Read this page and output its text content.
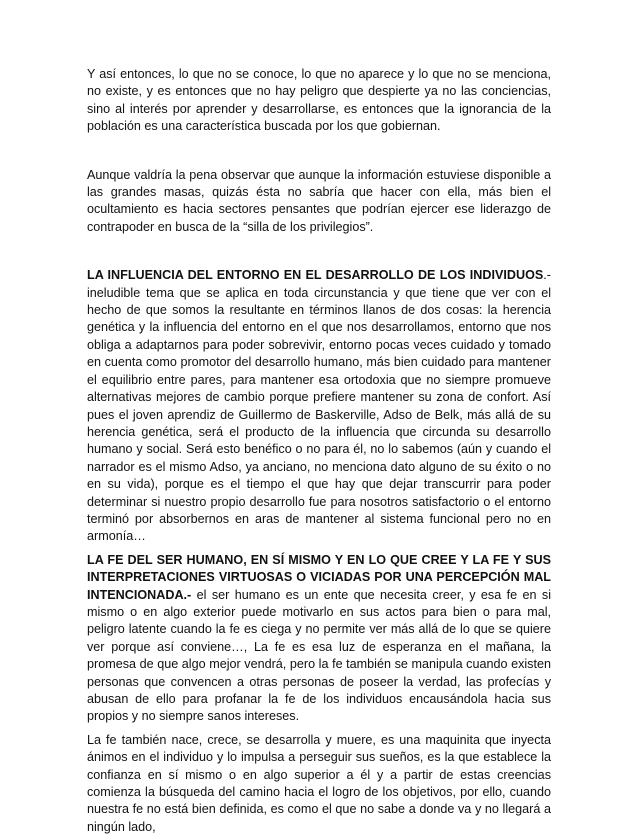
Y así entonces, lo que no se conoce, lo que no aparece y lo que no se menciona, no existe, y es entonces que no hay peligro que despierte ya no las conciencias, sino al interés por aprender y desarrollarse, es entonces que la ignorancia de la población es una característica buscada por los que gobiernan.

Aunque valdría la pena observar que aunque la información estuviese disponible a las grandes masas, quizás ésta no sabría que hacer con ella, más bien el ocultamiento es hacia sectores pensantes que podrían ejercer ese liderazgo de contrapoder en busca de la “silla de los privilegios”.

LA INFLUENCIA DEL ENTORNO EN EL DESARROLLO DE LOS INDIVIDUOS.- ineludible tema que se aplica en toda circunstancia y que tiene que ver con el hecho de que somos la resultante en términos llanos de dos cosas: la herencia genética y la influencia del entorno en el que nos desarrollamos, entorno que nos obliga a adaptarnos para poder sobrevivir, entorno pocas veces cuidado y tomado en cuenta como promotor del desarrollo humano, más bien cuidado para mantener el equilibrio entre pares, para mantener esa ortodoxia que no siempre promueve alternativas mejores de cambio porque prefiere mantener su zona de confort. Así pues el joven aprendiz de Guillermo de Baskerville, Adso de Belk, más allá de su herencia genética, será el producto de la influencia que circunda su desarrollo humano y social. Será esto benéfico o no para él, no lo sabemos (aún y cuando el narrador es el mismo Adso, ya anciano, no menciona dato alguno de su éxito o no en su vida), porque es el tiempo el que hay que dejar transcurrir para poder determinar si nuestro propio desarrollo fue para nosotros satisfactorio o el entorno terminó por absorbernos en aras de mantener al sistema funcional pero no en armonía…

LA FE DEL SER HUMANO, EN SÍ MISMO Y EN LO QUE CREE Y LA FE Y SUS INTERPRETACIONES VIRTUOSAS O VICIADAS POR UNA PERCEPCIÓN MAL INTENCIONADA.- el ser humano es un ente que necesita creer, y esa fe en si mismo o en algo exterior puede motivarlo en sus actos para bien o para mal, peligro latente cuando la fe es ciega y no permite ver más allá de lo que se quiere ver porque así conviene…, La fe es esa luz de esperanza en el mañana, la promesa de que algo mejor vendrá, pero la fe también se manipula cuando existen personas que convencen a otras personas de poseer la verdad, las profecías y abusan de ello para profanar la fe de los individuos encausándola hacia sus propios y no siempre sanos intereses.

La fe también nace, crece, se desarrolla y muere, es una maquinita que inyecta ánimos en el individuo y lo impulsa a perseguir sus sueños, es la que establece la confianza en sí mismo o en algo superior a él y a partir de estas creencias comienza la búsqueda del camino hacia el logro de los objetivos, por ello, cuando nuestra fe no está bien definida, es como el que no sabe a donde va y no llegará a ningún lado,
